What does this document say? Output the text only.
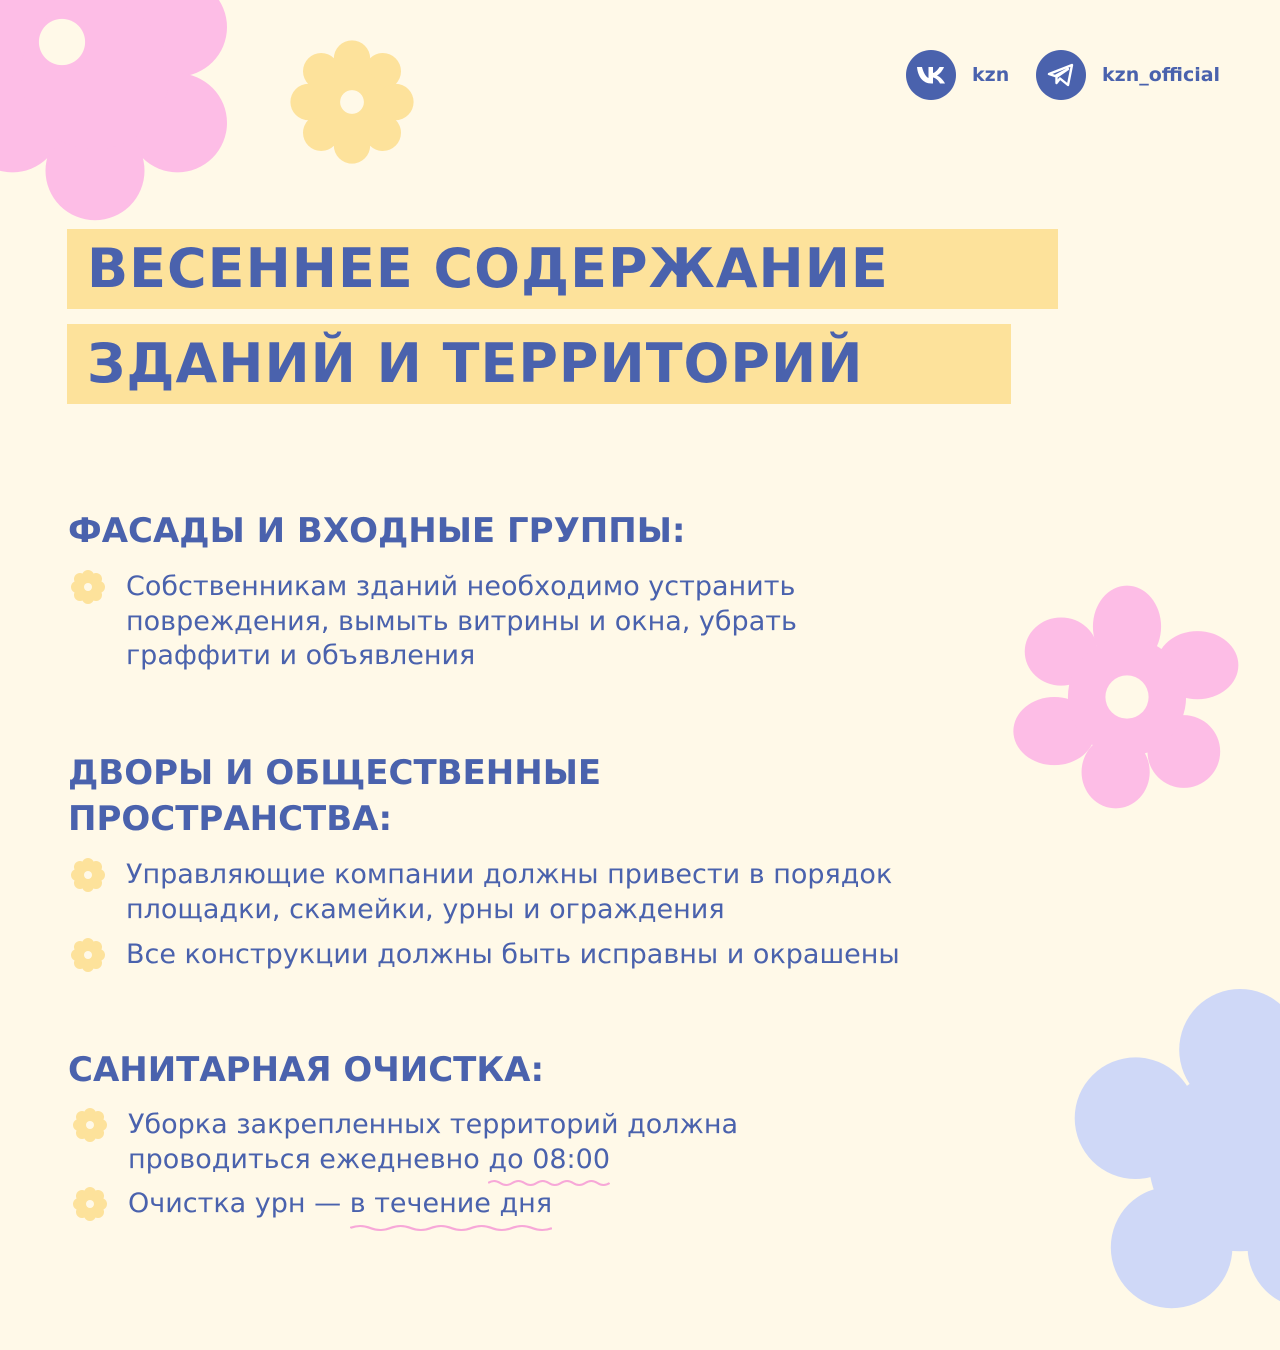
kzn	kzn_official
ВЕСЕННЕЕ СОДЕРЖАНИЕ
ЗДАНИЙ И ТЕРРИТОРИЙ
ФАСАДЫ И ВХОДНЫЕ ГРУППЫ:
Собственникам зданий необходимо устранить
повреждения, вымыть витрины и окна, убрать
граффити и объявления
ДВОРЫ И ОБЩЕСТВЕННЫЕ
ПРОСТРАНСТВА:
Управляющие компании должны привести в порядок
площадки, скамейки, урны и ограждения
Все конструкции должны быть исправны и окрашены
САНИТАРНАЯ ОЧИСТКА:
Уборка закрепленных территорий должна
проводиться ежедневно до 08:00
Очистка урн — в течение дня
